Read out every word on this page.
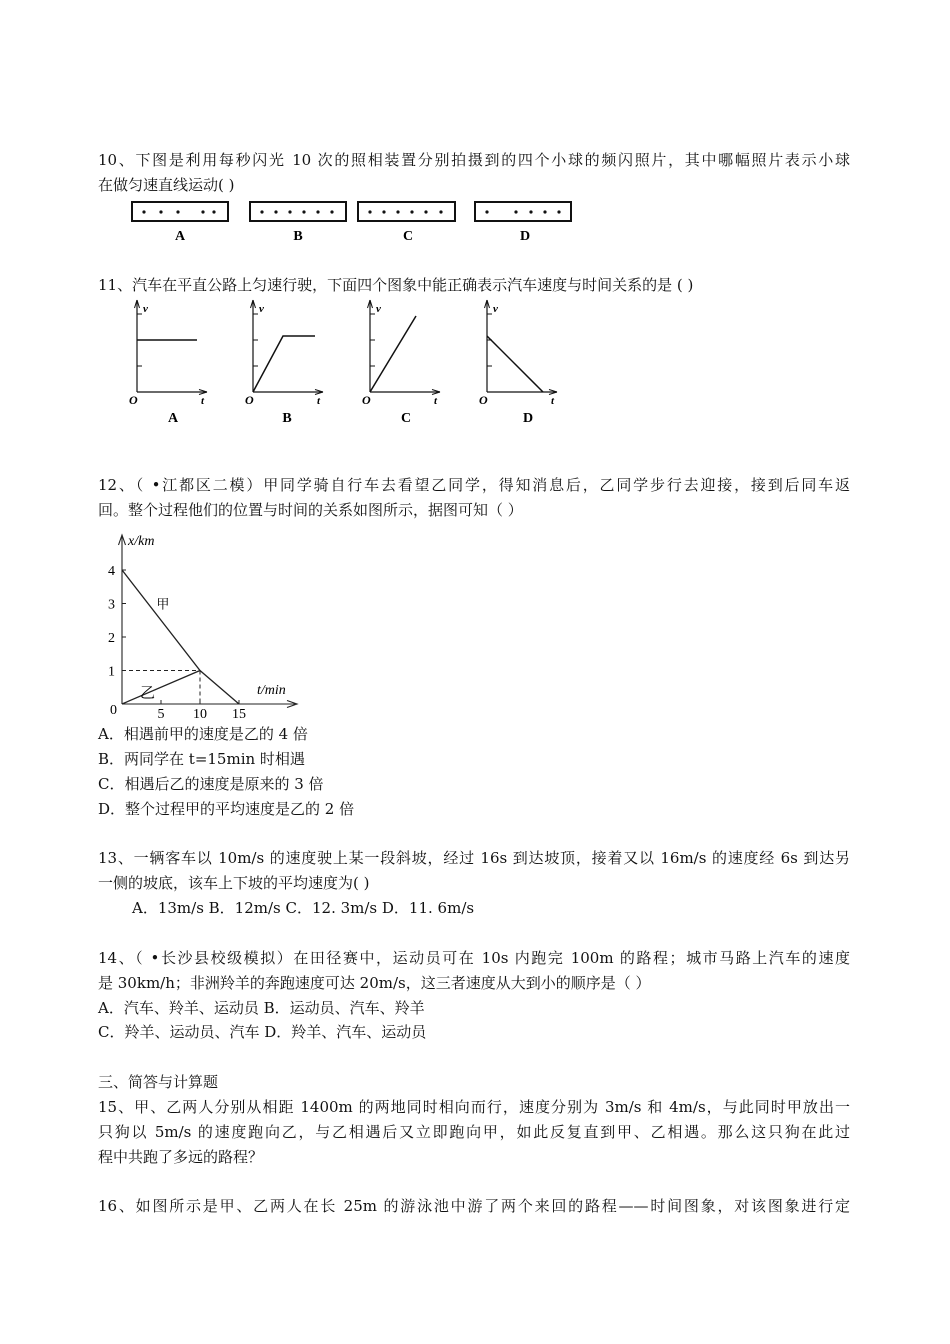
10、下图是利用每秒闪光 10 次的照相装置分别拍摄到的四个小球的频闪照片，其中哪幅照片表示小球
在做匀速直线运动( )
A	B	C	D
11、汽车在平直公路上匀速行驶，下面四个图象中能正确表示汽车速度与时间关系的是 ( )
v
O	t
v
O	t
v
O	t
v
O	t
A	B	C	D
12、（ •江都区二模）甲同学骑自行车去看望乙同学，得知消息后，乙同学步行去迎接，接到后同车返
回。整个过程他们的位置与时间的关系如图所示，据图可知（ ）
x/km
t/min
0
1
2
3
4
5 10 15
甲
乙
A．相遇前甲的速度是乙的 4 倍
B．两同学在 t=15min 时相遇
C．相遇后乙的速度是原来的 3 倍
D．整个过程甲的平均速度是乙的 2 倍
13、一辆客车以 10m/s 的速度驶上某一段斜坡，经过 16s 到达坡顶，接着又以 16m/s 的速度经 6s 到达另
一侧的坡底，该车上下坡的平均速度为( )
A．13m/s B．12m/s C．12. 3m/s D．11. 6m/s
14、（ •长沙县校级模拟）在田径赛中，运动员可在 10s 内跑完 100m 的路程；城市马路上汽车的速度
是 30km/h；非洲羚羊的奔跑速度可达 20m/s，这三者速度从大到小的顺序是（ ）
A．汽车、羚羊、运动员 B．运动员、汽车、羚羊
C．羚羊、运动员、汽车 D．羚羊、汽车、运动员
三、简答与计算题
15、甲、乙两人分别从相距 1400m 的两地同时相向而行，速度分别为 3m/s 和 4m/s，与此同时甲放出一
只狗以 5m/s 的速度跑向乙，与乙相遇后又立即跑向甲，如此反复直到甲、乙相遇。那么这只狗在此过
程中共跑了多远的路程？
16、如图所示是甲、乙两人在长 25m 的游泳池中游了两个来回的路程——时间图象，对该图象进行定
